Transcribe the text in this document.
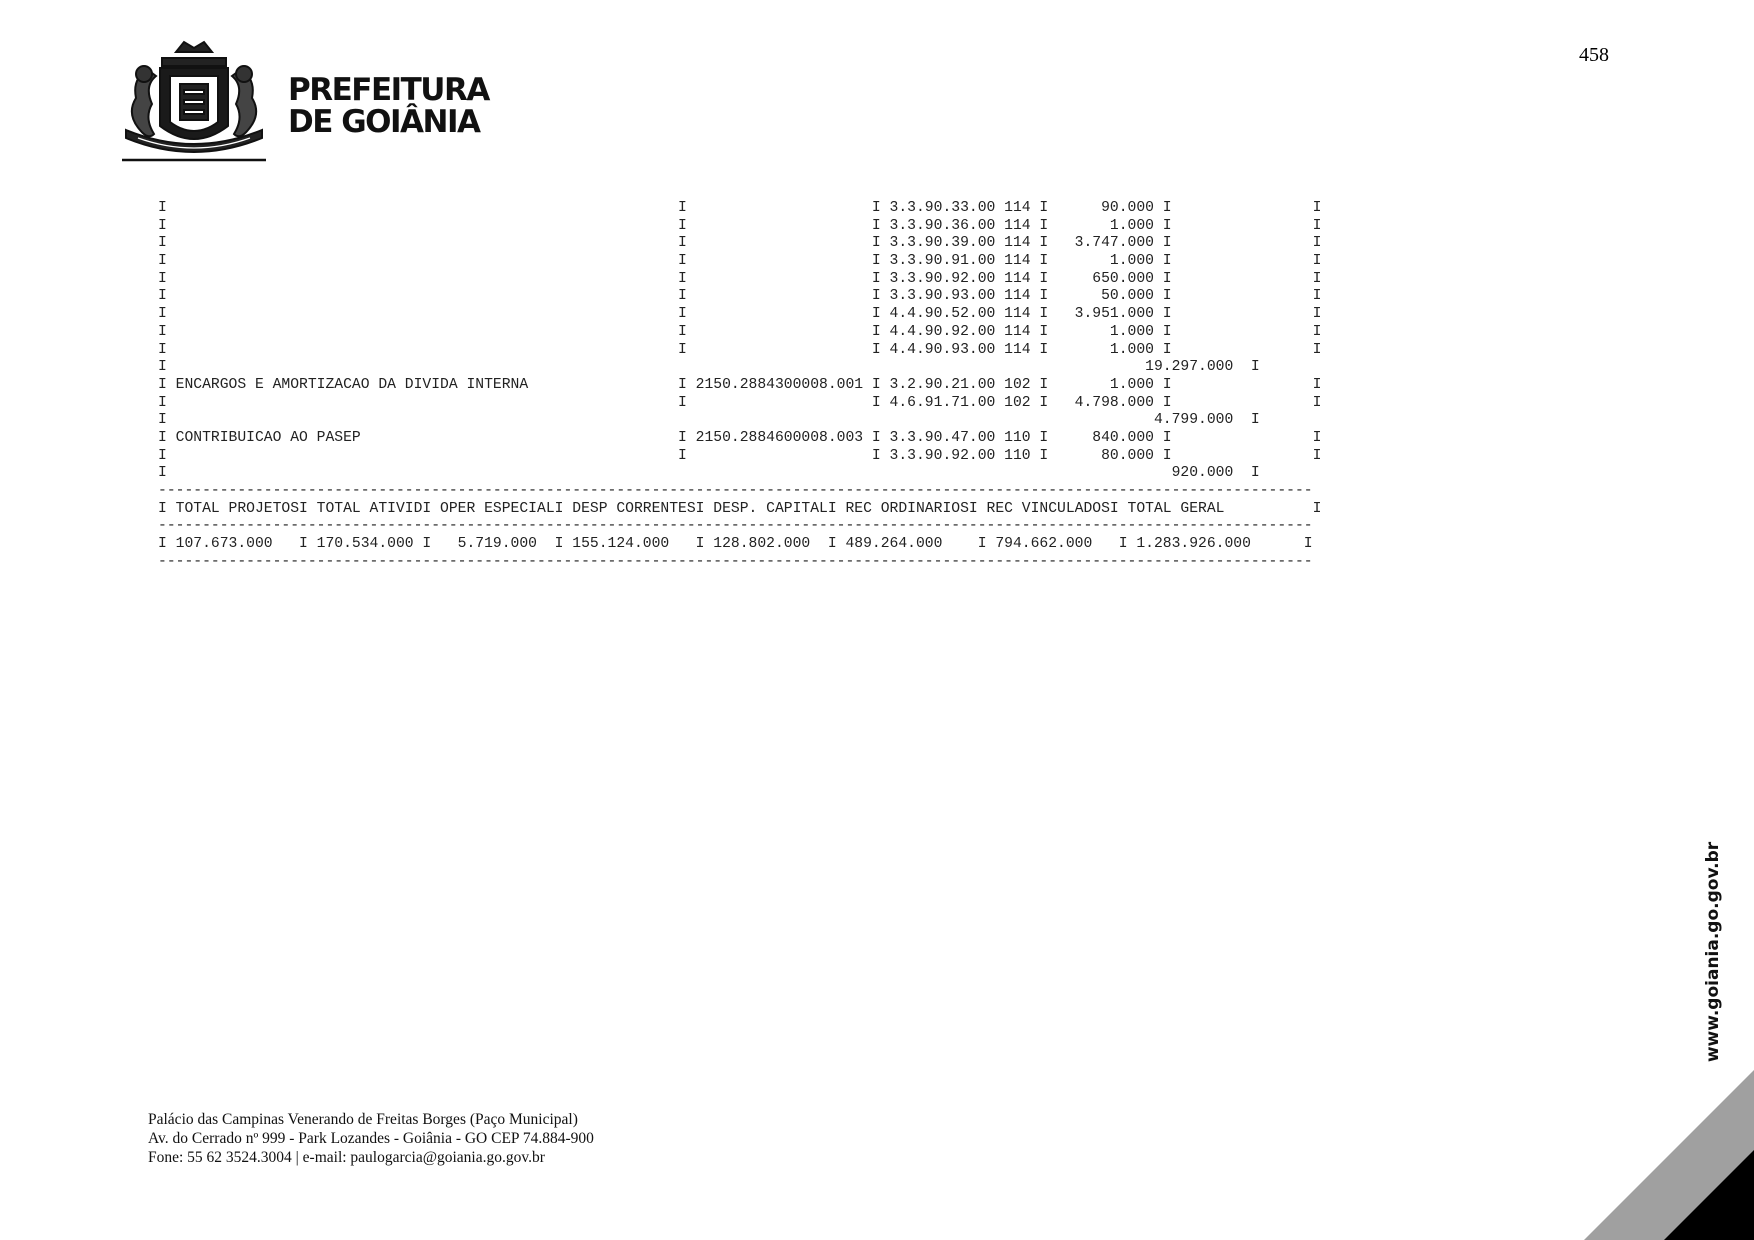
458
PREFEITURA
DE GOIÂNIA
I                                                          I                     I 3.3.90.33.00 114 I      90.000 I                I
I                                                          I                     I 3.3.90.36.00 114 I       1.000 I                I
I                                                          I                     I 3.3.90.39.00 114 I   3.747.000 I                I
I                                                          I                     I 3.3.90.91.00 114 I       1.000 I                I
I                                                          I                     I 3.3.90.92.00 114 I     650.000 I                I
I                                                          I                     I 3.3.90.93.00 114 I      50.000 I                I
I                                                          I                     I 4.4.90.52.00 114 I   3.951.000 I                I
I                                                          I                     I 4.4.90.92.00 114 I       1.000 I                I
I                                                          I                     I 4.4.90.93.00 114 I       1.000 I                I
I                                                                                                               19.297.000  I
I ENCARGOS E AMORTIZACAO DA DIVIDA INTERNA                 I 2150.2884300008.001 I 3.2.90.21.00 102 I       1.000 I                I
I                                                          I                     I 4.6.91.71.00 102 I   4.798.000 I                I
I                                                                                                                4.799.000  I
I CONTRIBUICAO AO PASEP                                    I 2150.2884600008.003 I 3.3.90.47.00 110 I     840.000 I                I
I                                                          I                     I 3.3.90.92.00 110 I      80.000 I                I
I                                                                                                                  920.000  I
-----------------------------------------------------------------------------------------------------------------------------------
I TOTAL PROJETOSI TOTAL ATIVIDI OPER ESPECIALI DESP CORRENTESI DESP. CAPITALI REC ORDINARIOSI REC VINCULADOSI TOTAL GERAL          I
-----------------------------------------------------------------------------------------------------------------------------------
I 107.673.000   I 170.534.000 I   5.719.000  I 155.124.000   I 128.802.000  I 489.264.000    I 794.662.000   I 1.283.926.000      I
-----------------------------------------------------------------------------------------------------------------------------------
Palácio das Campinas Venerando de Freitas Borges (Paço Municipal)
Av. do Cerrado nº 999 - Park Lozandes - Goiânia - GO CEP 74.884-900
Fone: 55 62 3524.3004 | e-mail: paulogarcia@goiania.go.gov.br
www.goiania.go.gov.br
